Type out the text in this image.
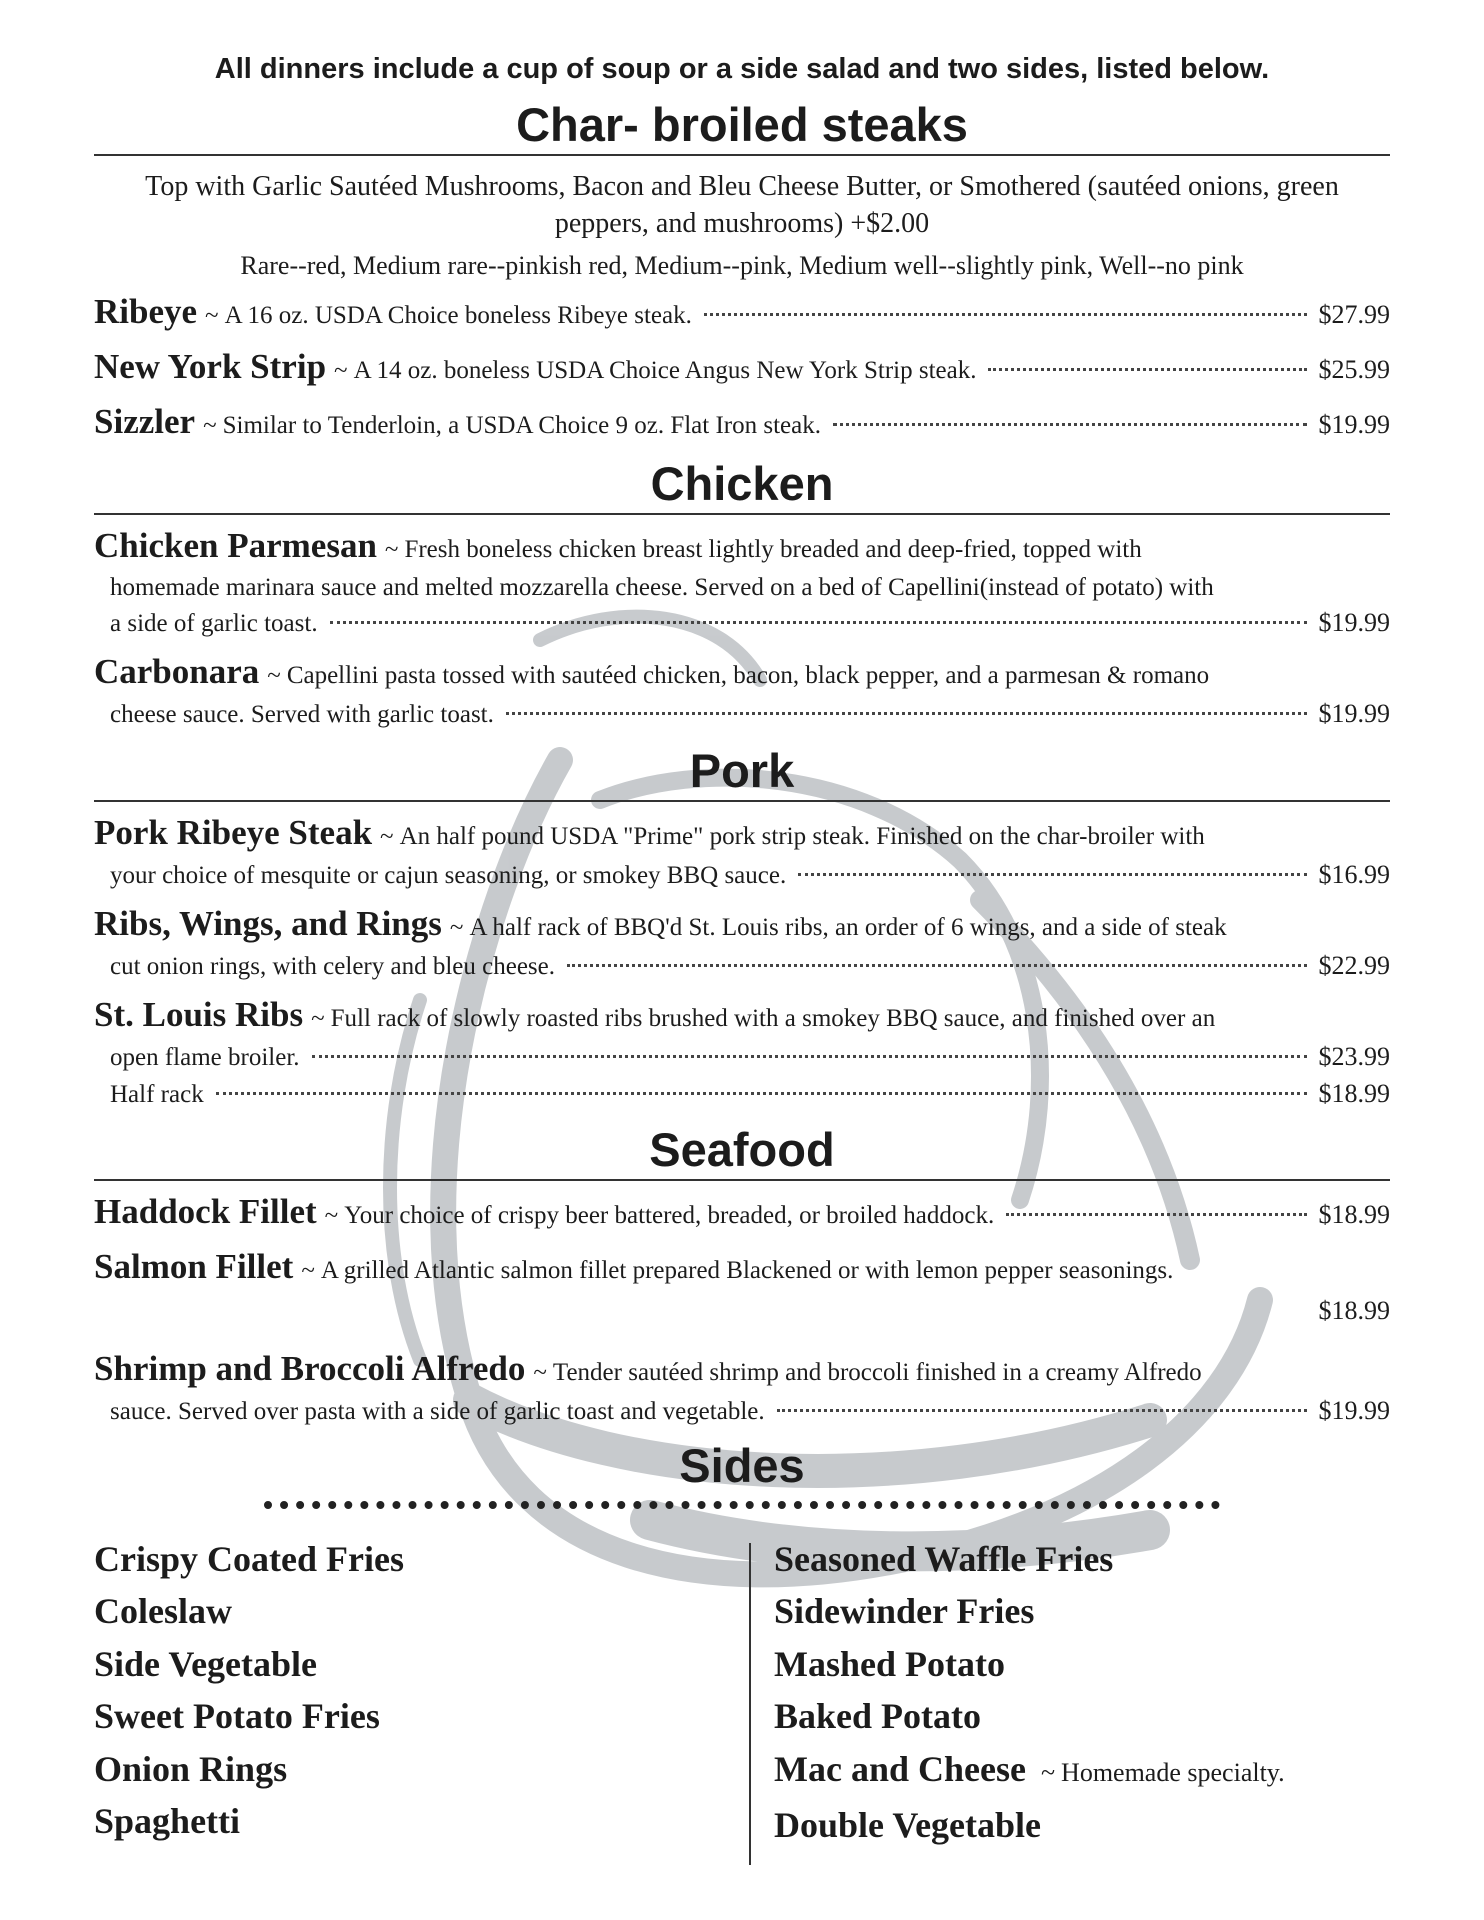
All dinners include a cup of soup or a side salad and two sides, listed below.

Char- broiled steaks
Top with Garlic Sautéed Mushrooms, Bacon and Bleu Cheese Butter, or Smothered (sautéed onions, green peppers, and mushrooms) +$2.00
Rare--red, Medium rare--pinkish red, Medium--pink, Medium well--slightly pink, Well--no pink
Ribeye ~ A 16 oz. USDA Choice boneless Ribeye steak.	$27.99
New York Strip ~ A 14 oz. boneless USDA Choice Angus New York Strip steak.	$25.99
Sizzler ~ Similar to Tenderloin, a USDA Choice 9 oz. Flat Iron steak.	$19.99
Chicken
Chicken Parmesan ~ Fresh boneless chicken breast lightly breaded and deep-fried, topped with
homemade marinara sauce and melted mozzarella cheese. Served on a bed of Capellini(instead of potato) with
a side of garlic toast.	$19.99
Carbonara ~ Capellini pasta tossed with sautéed chicken, bacon, black pepper, and a parmesan & romano
cheese sauce. Served with garlic toast.	$19.99
Pork
Pork Ribeye Steak ~ An half pound USDA "Prime" pork strip steak. Finished on the char-broiler with
your choice of mesquite or cajun seasoning, or smokey BBQ sauce.	$16.99
Ribs, Wings, and Rings ~ A half rack of BBQ'd St. Louis ribs, an order of 6 wings, and a side of steak
cut onion rings, with celery and bleu cheese.	$22.99
St. Louis Ribs ~ Full rack of slowly roasted ribs brushed with a smokey BBQ sauce, and finished over an
open flame broiler.	$23.99
Half rack	$18.99
Seafood
Haddock Fillet ~ Your choice of crispy beer battered, breaded, or broiled haddock.	$18.99
Salmon Fillet ~ A grilled Atlantic salmon fillet prepared Blackened or with lemon pepper seasonings.
$18.99
Shrimp and Broccoli Alfredo ~ Tender sautéed shrimp and broccoli finished in a creamy Alfredo
sauce. Served over pasta with a side of garlic toast and vegetable.	$19.99
Sides
Crispy Coated Fries
Coleslaw
Side Vegetable
Sweet Potato Fries
Onion Rings
Spaghetti
Seasoned Waffle Fries
Sidewinder Fries
Mashed Potato
Baked Potato
Mac and Cheese ~ Homemade specialty.
Double Vegetable
